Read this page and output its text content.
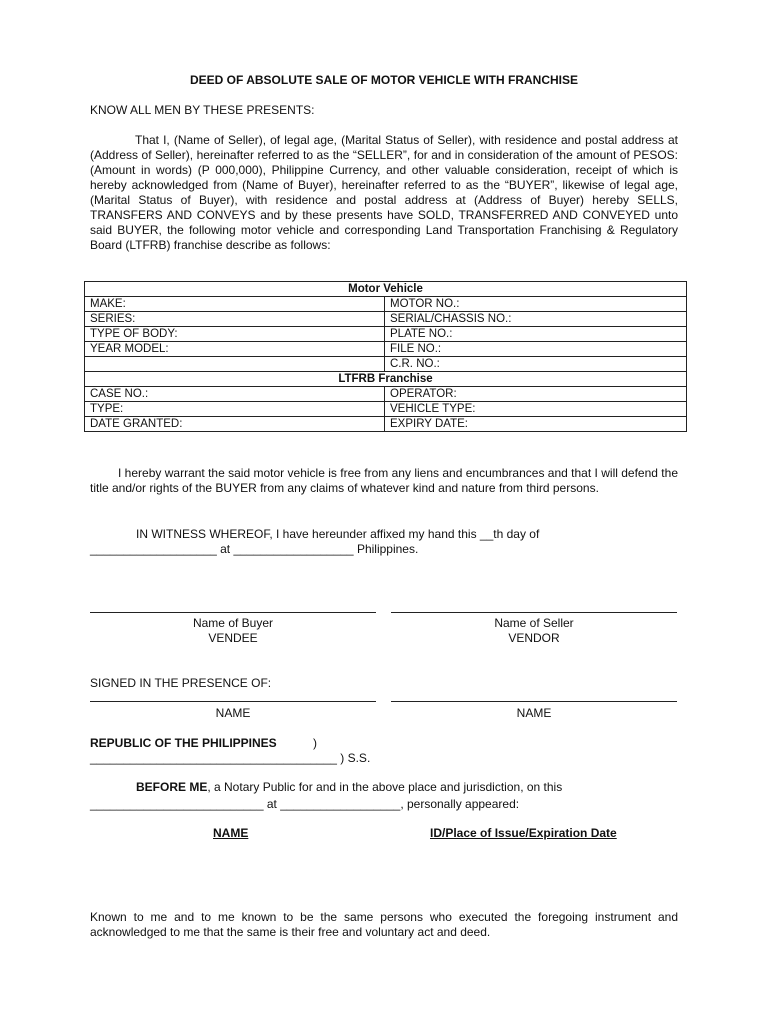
DEED OF ABSOLUTE SALE OF MOTOR VEHICLE WITH FRANCHISE
KNOW ALL MEN BY THESE PRESENTS:
That I, (Name of Seller), of legal age, (Marital Status of Seller), with residence and postal address at (Address of Seller), hereinafter referred to as the “SELLER”, for and in consideration of the amount of PESOS: (Amount in words) (P 000,000), Philippine Currency, and other valuable consideration, receipt of which is hereby acknowledged from (Name of Buyer), hereinafter referred to as the “BUYER”, likewise of legal age, (Marital Status of Buyer), with residence and postal address at (Address of Buyer) hereby SELLS, TRANSFERS AND CONVEYS and by these presents have SOLD, TRANSFERRED AND CONVEYED unto said BUYER, the following motor vehicle and corresponding Land Transportation Franchising & Regulatory Board (LTFRB) franchise describe as follows:
Motor Vehicle	
MAKE:	MOTOR NO.:
SERIES:	SERIAL/CHASSIS NO.:
TYPE OF BODY:	PLATE NO.:
YEAR MODEL:	FILE NO.:
	C.R. NO.:
LTFRB Franchise	
CASE NO.:	OPERATOR:
TYPE:	VEHICLE TYPE:
DATE GRANTED:	EXPIRY DATE:
I hereby warrant the said motor vehicle is free from any liens and encumbrances and that I will defend the title and/or rights of the BUYER from any claims of whatever kind and nature from third persons.
IN WITNESS WHEREOF, I have hereunder affixed my hand this __th day of
___________________ at __________________ Philippines.
Name of Buyer
VENDEE
Name of Seller
VENDOR
SIGNED IN THE PRESENCE OF:
NAME	NAME
REPUBLIC OF THE PHILIPPINES	)
_____________________________________ ) S.S.
BEFORE ME, a Notary Public for and in the above place and jurisdiction, on this
__________________________ at __________________, personally appeared:
NAME	ID/Place of Issue/Expiration Date
Known to me and to me known to be the same persons who executed the foregoing instrument and acknowledged to me that the same is their free and voluntary act and deed.
